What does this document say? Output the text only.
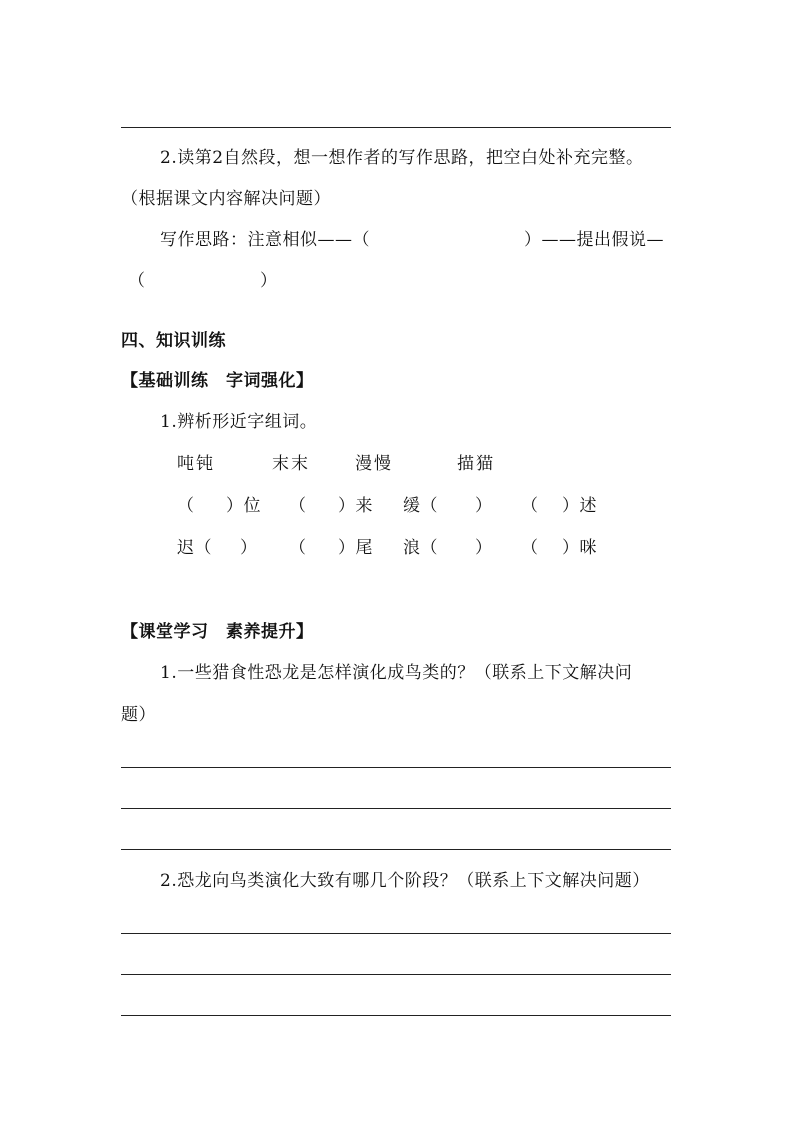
2.读第2自然段，想一想作者的写作思路，把空白处补充完整。
（根据课文内容解决问题）
写作思路：注意相似——（	）——提出假说—
（	）
四、知识训练
【基础训练　字词强化】
1.辨析形近字组词。
吨钝	末末	漫慢	描猫
（ ）位 （ ）来 缓（ ） （ ）述
迟（ ） （ ）尾 浪（ ） （ ）咪
【课堂学习　素养提升】
1.一些猎食性恐龙是怎样演化成鸟类的？（联系上下文解决问
题）
2.恐龙向鸟类演化大致有哪几个阶段？（联系上下文解决问题）
